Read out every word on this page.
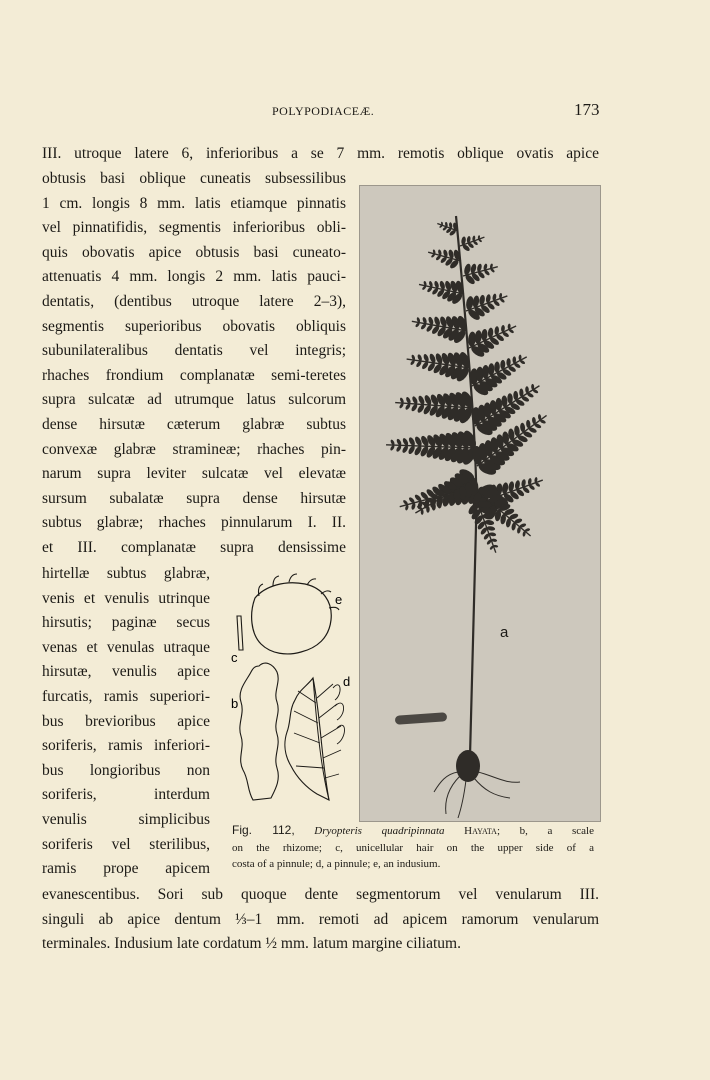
POLYPODIACEÆ.	173
III. utroque latere 6, inferioribus a se 7 mm. remotis oblique ovatis apice
obtusis basi oblique cuneatis subsessilibus
1 cm. longis 8 mm. latis etiamque pinnatis
vel pinnatifidis, segmentis inferioribus obli-
quis obovatis apice obtusis basi cuneato-
attenuatis 4 mm. longis 2 mm. latis pauci-
dentatis, (dentibus utroque latere 2–3),
segmentis superioribus obovatis obliquis
subunilateralibus dentatis vel integris;
rhaches frondium complanatæ semi-teretes
supra sulcatæ ad utrumque latus sulcorum
dense hirsutæ cæterum glabræ subtus
convexæ glabræ stramineæ; rhaches pin-
narum supra leviter sulcatæ vel elevatæ
sursum subalatæ supra dense hirsutæ
subtus glabræ; rhaches pinnularum I. II.
et III. complanatæ supra densissime
hirtellæ subtus glabræ,
venis et venulis utrinque
hirsutis; paginæ secus
venas et venulas utraque
hirsutæ, venulis apice
furcatis, ramis superiori-
bus brevioribus apice
soriferis, ramis inferiori-
bus longioribus non
soriferis, interdum
venulis simplicibus
soriferis vel sterilibus,
ramis prope apicem
evanescentibus. Sori sub quoque dente segmentorum vel venularum III.
singuli ab apice dentum ⅓–1 mm. remoti ad apicem ramorum venularum
terminales. Indusium late cordatum ½ mm. latum margine ciliatum.
a
c
b
d
e
Fig. 112, Dryopteris quadripinnata Hayata; b, a scale
on the rhizome; c, unicellular hair on the upper side of a
costa of a pinnule; d, a pinnule; e, an indusium.
